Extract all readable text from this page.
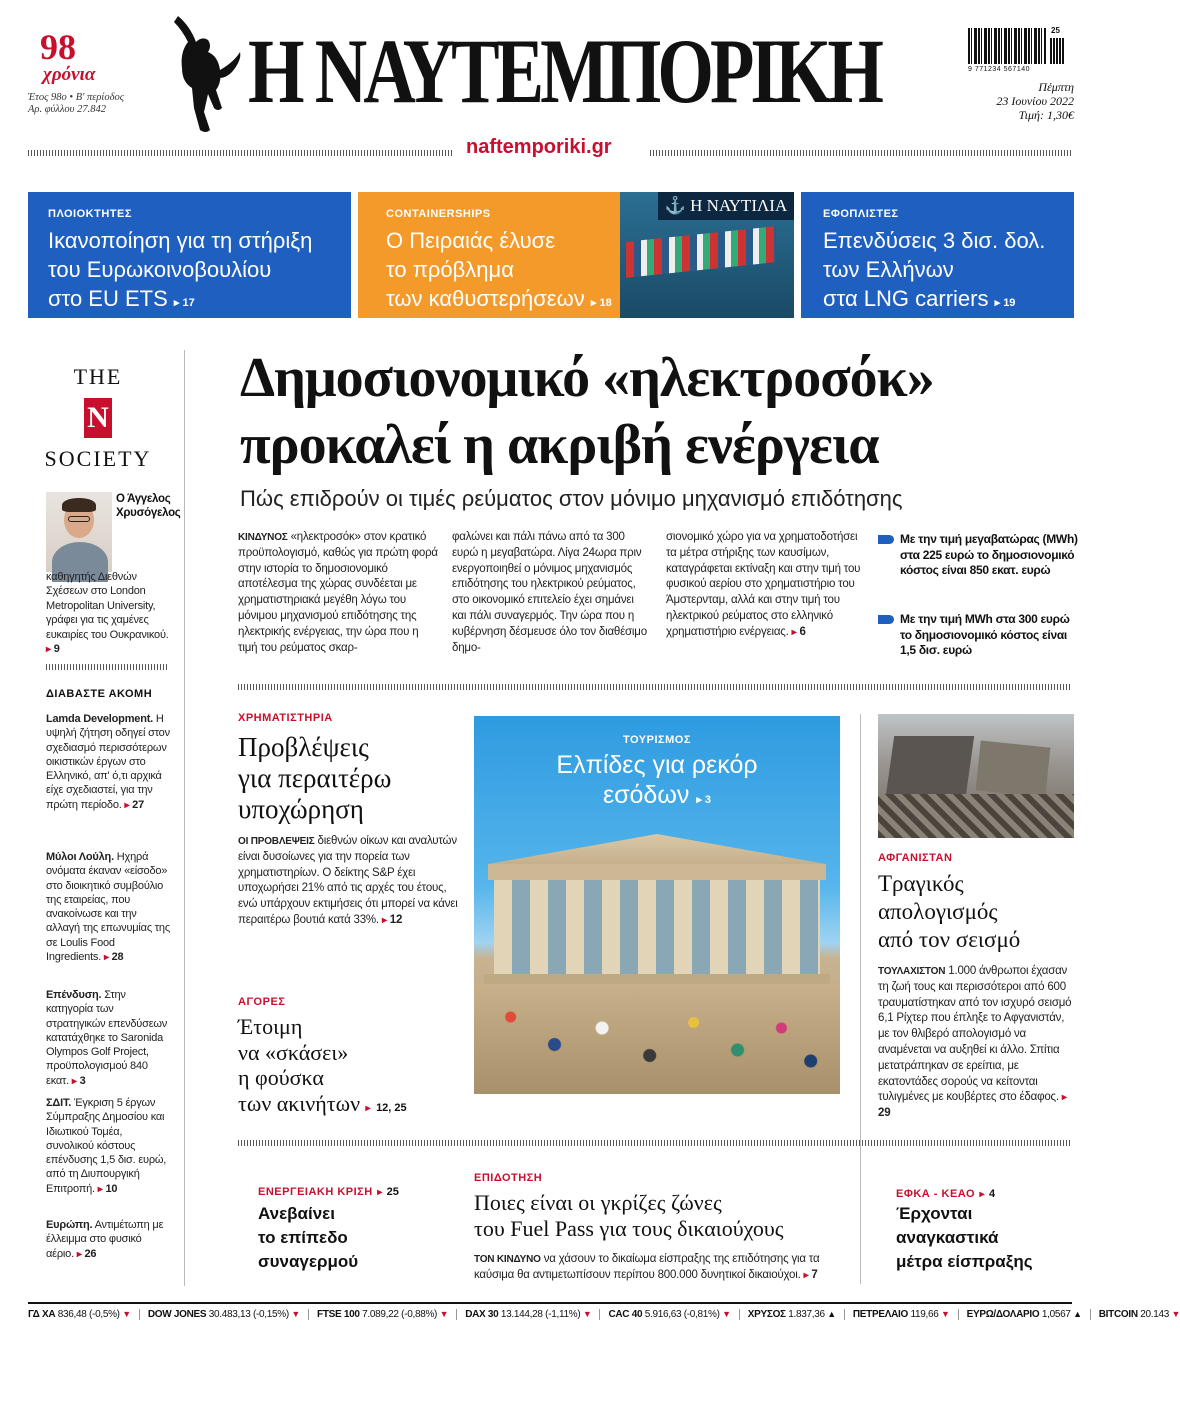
98
χρόνια
Έτος 98ο • Β' περίοδος
Αρ. φύλλου 27.842 Η ΝΑΥΤΕΜΠΟΡΙΚΗ	25
9 771234 567140
Πέμπτη
23 Ιουνίου 2022
Τιμή: 1,30€
naftemporiki.gr
ΠΛΟΙΟΚΤΗΤΕΣ
Ικανοποίηση για τη στήριξη
του Ευρωκοινοβουλίου
στο EU ETS ▸ 17
⚓ Η ΝΑΥΤΙΛΙΑ
CONTAINERSHIPS
Ο Πειραιάς έλυσε
το πρόβλημα
των καθυστερήσεων ▸ 18
ΕΦΟΠΛΙΣΤΕΣ
Επενδύσεις 3 δισ. δολ.
των Ελλήνων
στα LNG carriers ▸ 19
THE
N
SOCIETY
Ο Άγγελος Χρυσόγελος
καθηγητής Διεθνών Σχέσεων στο London Metropolitan University, γράφει για τις χαμένες ευκαιρίες του Ουκρανικού. ▸ 9
ΔΙΑΒΑΣΤΕ ΑΚΟΜΗ
Lamda Development. Η υψηλή ζήτηση οδηγεί στον σχεδιασμό περισσότερων οικιστικών έργων στο Ελληνικό, απ' ό,τι αρχικά είχε σχεδιαστεί, για την πρώτη περίοδο. ▸ 27
Μύλοι Λούλη. Ηχηρά ονόματα έκαναν «είσοδο» στο διοικητικό συμβούλιο της εταιρείας, που ανακοίνωσε και την αλλαγή της επωνυμίας της σε Loulis Food Ingredients. ▸ 28
Επένδυση. Στην κατηγορία των στρατηγικών επενδύσεων κατατάχθηκε το Saronida Olympos Golf Project, προϋπολογισμού 840 εκατ. ▸ 3
ΣΔΙΤ. Έγκριση 5 έργων Σύμπραξης Δημοσίου και Ιδιωτικού Τομέα, συνολικού κόστους επένδυσης 1,5 δισ. ευρώ, από τη Διυπουργική Επιτροπή. ▸ 10
Ευρώπη. Αντιμέτωπη με έλλειμμα στο φυσικό αέριο. ▸ 26
Δημοσιονομικό «ηλεκτροσόκ»
προκαλεί η ακριβή ενέργεια
Πώς επιδρούν οι τιμές ρεύματος στον μόνιμο μηχανισμό επιδότησης
ΚΙΝΔΥΝΟΣ «ηλεκτροσόκ» στον κρατικό προϋπολογισμό, καθώς για πρώτη φορά στην ιστορία το δημοσιονομικό αποτέλεσμα της χώρας συνδέεται με χρηματιστηριακά μεγέθη λόγω του μόνιμου μηχανισμού επιδότησης της ηλεκτρικής ενέργειας, την ώρα που η τιμή του ρεύματος σκαρ-
φαλώνει και πάλι πάνω από τα 300 ευρώ η μεγαβατώρα. Λίγα 24ωρα πριν ενεργοποιηθεί ο μόνιμος μηχανισμός επιδότησης του ηλεκτρικού ρεύματος, στο οικονομικό επιτελείο έχει σημάνει και πάλι συναγερμός. Την ώρα που η κυβέρνηση δέσμευσε όλο τον διαθέσιμο δημο-
σιονομικό χώρο για να χρηματοδοτήσει τα μέτρα στήριξης των καυσίμων, καταγράφεται εκτίναξη και στην τιμή του φυσικού αερίου στο χρηματιστήριο του Άμστερνταμ, αλλά και στην τιμή του ηλεκτρικού ρεύματος στο ελληνικό χρηματιστήριο ενέργειας. ▸ 6
Με την τιμή μεγαβατώρας (MWh) στα 225 ευρώ το δημοσιονομικό κόστος είναι 850 εκατ. ευρώ
Με την τιμή MWh στα 300 ευρώ το δημοσιονομικό κόστος είναι 1,5 δισ. ευρώ
ΧΡΗΜΑΤΙΣΤΗΡΙΑ
Προβλέψεις
για περαιτέρω
υποχώρηση
ΟΙ ΠΡΟΒΛΕΨΕΙΣ διεθνών οίκων και αναλυτών είναι δυσοίωνες για την πορεία των χρηματιστηρίων. Ο δείκτης S&P έχει υποχωρήσει 21% από τις αρχές του έτους, ενώ υπάρχουν εκτιμήσεις ότι μπορεί να κάνει περαιτέρω βουτιά κατά 33%. ▸ 12
ΑΓΟΡΕΣ
Έτοιμη
να «σκάσει»
η φούσκα
των ακινήτων ▸ 12, 25
ΤΟΥΡΙΣΜΟΣ
Ελπίδες για ρεκόρ
εσόδων ▸ 3
ΑΦΓΑΝΙΣΤΑΝ
Τραγικός
απολογισμός
από τον σεισμό
ΤΟΥΛΑΧΙΣΤΟΝ 1.000 άνθρωποι έχασαν τη ζωή τους και περισσότεροι από 600 τραυματίστηκαν από τον ισχυρό σεισμό 6,1 Ρίχτερ που έπληξε το Αφγανιστάν, με τον θλιβερό απολογισμό να αναμένεται να αυξηθεί κι άλλο. Σπίτια μετατράπηκαν σε ερείπια, με εκατοντάδες σορούς να κείτονται τυλιγμένες με κουβέρτες στο έδαφος. ▸ 29
ΕΝΕΡΓΕΙΑΚΗ ΚΡΙΣΗ ▸ 25
Ανεβαίνει
το επίπεδο
συναγερμού
ΕΠΙΔΟΤΗΣΗ
Ποιες είναι οι γκρίζες ζώνες
του Fuel Pass για τους δικαιούχους
ΤΟΝ ΚΙΝΔΥΝΟ να χάσουν το δικαίωμα είσπραξης της επιδότησης για τα καύσιμα θα αντιμετωπίσουν περίπου 800.000 δυνητικοί δικαιούχοι. ▸ 7
ΕΦΚΑ - ΚΕΑΟ ▸ 4
Έρχονται
αναγκαστικά
μέτρα είσπραξης
ΓΔ ΧΑ 836,48 (-0,5%) ▼	DOW JONES 30.483,13 (-0,15%) ▼	FTSE 100 7.089,22 (-0,88%) ▼	DAX 30 13.144,28 (-1,11%) ▼	CAC 40 5.916,63 (-0,81%) ▼	ΧΡΥΣΟΣ 1.837,36 ▲	ΠΕΤΡΕΛΑΙΟ 119,66 ▼	ΕΥΡΩ/ΔΟΛΑΡΙΟ 1,0567 ▲	BITCOIN 20.143 ▼
